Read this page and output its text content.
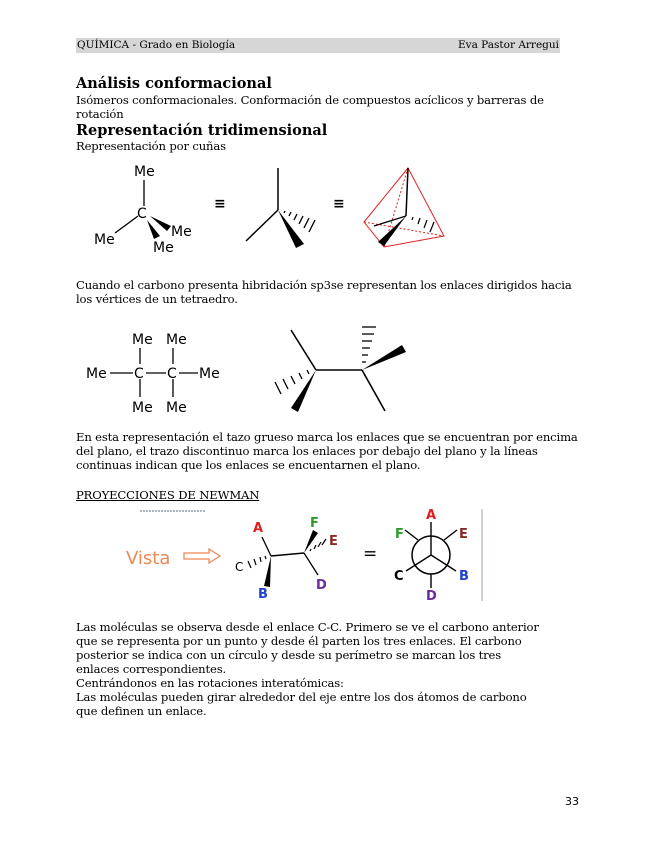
QUÍMICA - Grado en Biología	Eva Pastor Arregui
Análisis conformacional
Isómeros conformacionales. Conformación de compuestos acíclicos y barreras de
rotación
Representación tridimensional
Representación por cuñas
Me
C
Me	Me
Me
≡	≡
Cuando el carbono presenta hibridación sp3se representan los enlaces dirigidos hacia
los vértices de un tetraedro.
Me Me
Me C C Me
Me Me
En esta representación el tazo grueso marca los enlaces que se encuentran por encima
del plano, el trazo discontinuo marca los enlaces por debajo del plano y la líneas
continuas indican que los enlaces se encuentarnen el plano.
PROYECCIONES DE NEWMAN
Vista
A	F
E
C
B
D
=
A
F	E
C	B
D
Las moléculas se observa desde el enlace C-C. Primero se ve el carbono anterior
que se representa por un punto y desde él parten los tres enlaces. El carbono
posterior se indica con un círculo y desde su perímetro se marcan los tres
enlaces correspondientes.
Centrándonos en las rotaciones interatómicas:
Las moléculas pueden girar alrededor del eje entre los dos átomos de carbono
que definen un enlace.
33
